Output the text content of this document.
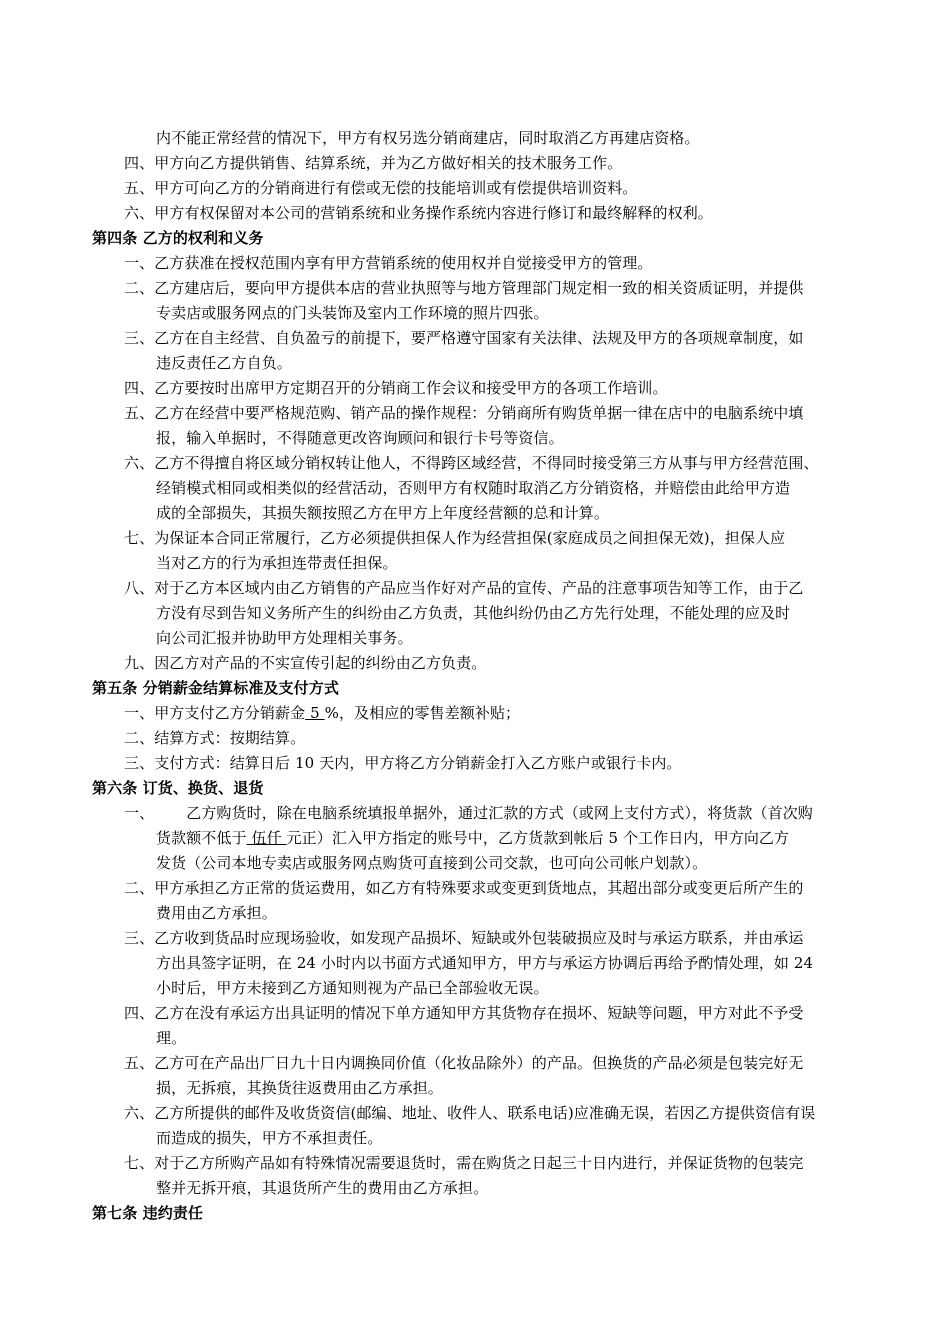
内不能正常经营的情况下，甲方有权另选分销商建店，同时取消乙方再建店资格。
四、甲方向乙方提供销售、结算系统，并为乙方做好相关的技术服务工作。
五、甲方可向乙方的分销商进行有偿或无偿的技能培训或有偿提供培训资料。
六、甲方有权保留对本公司的营销系统和业务操作系统内容进行修订和最终解释的权利。
第四条 乙方的权利和义务
一、乙方获准在授权范围内享有甲方营销系统的使用权并自觉接受甲方的管理。
二、乙方建店后，要向甲方提供本店的营业执照等与地方管理部门规定相一致的相关资质证明，并提供
专卖店或服务网点的门头装饰及室内工作环境的照片四张。
三、乙方在自主经营、自负盈亏的前提下，要严格遵守国家有关法律、法规及甲方的各项规章制度，如
违反责任乙方自负。
四、乙方要按时出席甲方定期召开的分销商工作会议和接受甲方的各项工作培训。
五、乙方在经营中要严格规范购、销产品的操作规程：分销商所有购货单据一律在店中的电脑系统中填
报，输入单据时，不得随意更改咨询顾问和银行卡号等资信。
六、乙方不得擅自将区域分销权转让他人，不得跨区域经营，不得同时接受第三方从事与甲方经营范围、
经销模式相同或相类似的经营活动，否则甲方有权随时取消乙方分销资格，并赔偿由此给甲方造
成的全部损失，其损失额按照乙方在甲方上年度经营额的总和计算。
七、为保证本合同正常履行，乙方必须提供担保人作为经营担保(家庭成员之间担保无效)，担保人应
当对乙方的行为承担连带责任担保。
八、对于乙方本区域内由乙方销售的产品应当作好对产品的宣传、产品的注意事项告知等工作，由于乙
方没有尽到告知义务所产生的纠纷由乙方负责，其他纠纷仍由乙方先行处理，不能处理的应及时
向公司汇报并协助甲方处理相关事务。
九、因乙方对产品的不实宣传引起的纠纷由乙方负责。
第五条 分销薪金结算标准及支付方式
一、甲方支付乙方分销薪金 5 %，及相应的零售差额补贴；
二、结算方式：按期结算。
三、支付方式：结算日后 10 天内，甲方将乙方分销薪金打入乙方账户或银行卡内。
第六条 订货、换货、退货
一、 乙方购货时，除在电脑系统填报单据外，通过汇款的方式（或网上支付方式），将货款（首次购
货款额不低于 伍仟 元正）汇入甲方指定的账号中，乙方货款到帐后 5 个工作日内，甲方向乙方
发货（公司本地专卖店或服务网点购货可直接到公司交款，也可向公司帐户划款）。
二、甲方承担乙方正常的货运费用，如乙方有特殊要求或变更到货地点，其超出部分或变更后所产生的
费用由乙方承担。
三、乙方收到货品时应现场验收，如发现产品损坏、短缺或外包装破损应及时与承运方联系，并由承运
方出具签字证明，在 24 小时内以书面方式通知甲方，甲方与承运方协调后再给予酌情处理，如 24
小时后，甲方未接到乙方通知则视为产品已全部验收无误。
四、乙方在没有承运方出具证明的情况下单方通知甲方其货物存在损坏、短缺等问题，甲方对此不予受
理。
五、乙方可在产品出厂日九十日内调换同价值（化妆品除外）的产品。但换货的产品必须是包装完好无
损，无拆痕，其换货往返费用由乙方承担。
六、乙方所提供的邮件及收货资信(邮编、地址、收件人、联系电话)应准确无误，若因乙方提供资信有误
而造成的损失，甲方不承担责任。
七、对于乙方所购产品如有特殊情况需要退货时，需在购货之日起三十日内进行，并保证货物的包装完
整并无拆开痕，其退货所产生的费用由乙方承担。
第七条 违约责任
